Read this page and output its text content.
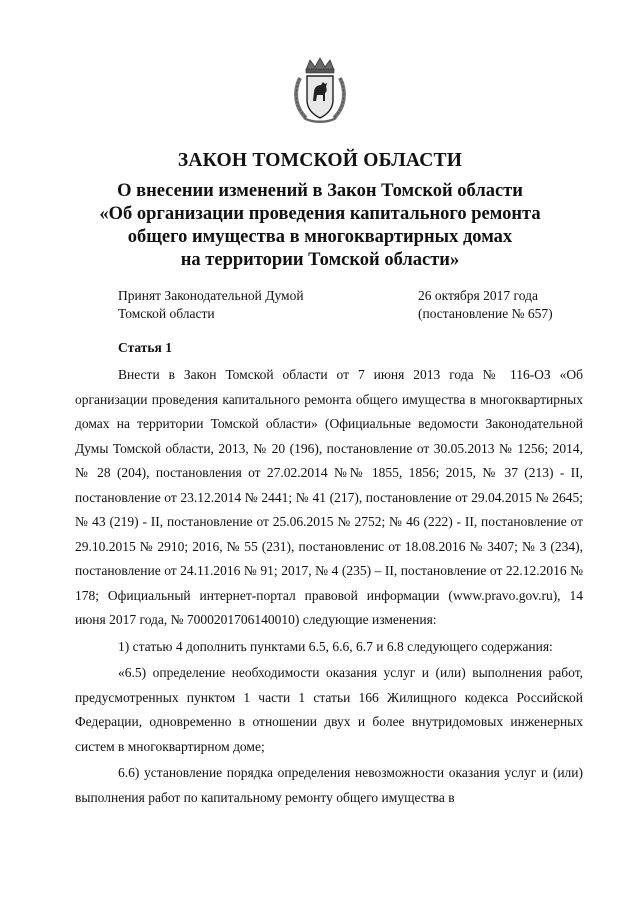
ЗАКОН ТОМСКОЙ ОБЛАСТИ
О внесении изменений в Закон Томской области
«Об организации проведения капитального ремонта
общего имущества в многоквартирных домах
на территории Томской области»
Принят Законодательной Думой
Томской области
26 октября 2017 года
(постановление № 657)
Статья 1

Внести в Закон Томской области от 7 июня 2013 года № 116-ОЗ «Об организации проведения капитального ремонта общего имущества в многоквартирных домах на территории Томской области» (Официальные ведомости Законодательной Думы Томской области, 2013, № 20 (196), постановление от 30.05.2013 № 1256; 2014, № 28 (204), постановления от 27.02.2014 №№ 1855, 1856; 2015, № 37 (213) - II, постановление от 23.12.2014 № 2441; № 41 (217), постановление от 29.04.2015 № 2645; № 43 (219) - II, постановление от 25.06.2015 № 2752; № 46 (222) - II, постановление от 29.10.2015 № 2910; 2016, № 55 (231), постановлениc от 18.08.2016 № 3407; № 3 (234), постановление от 24.11.2016 № 91; 2017, № 4 (235) – II, постановление от 22.12.2016 № 178; Официальный интернет-портал правовой информации (www.pravo.gov.ru), 14 июня 2017 года, № 7000201706140010) следующие изменения:

1) статью 4 дополнить пунктами 6.5, 6.6, 6.7 и 6.8 следующего содержания:

«6.5) определение необходимости оказания услуг и (или) выполнения работ, предусмотренных пунктом 1 части 1 статьи 166 Жилищного кодекса Российской Федерации, одновременно в отношении двух и более внутридомовых инженерных систем в многоквартирном доме;

6.6) установление порядка определения невозможности оказания услуг и (или) выполнения работ по капитальному ремонту общего имущества в
